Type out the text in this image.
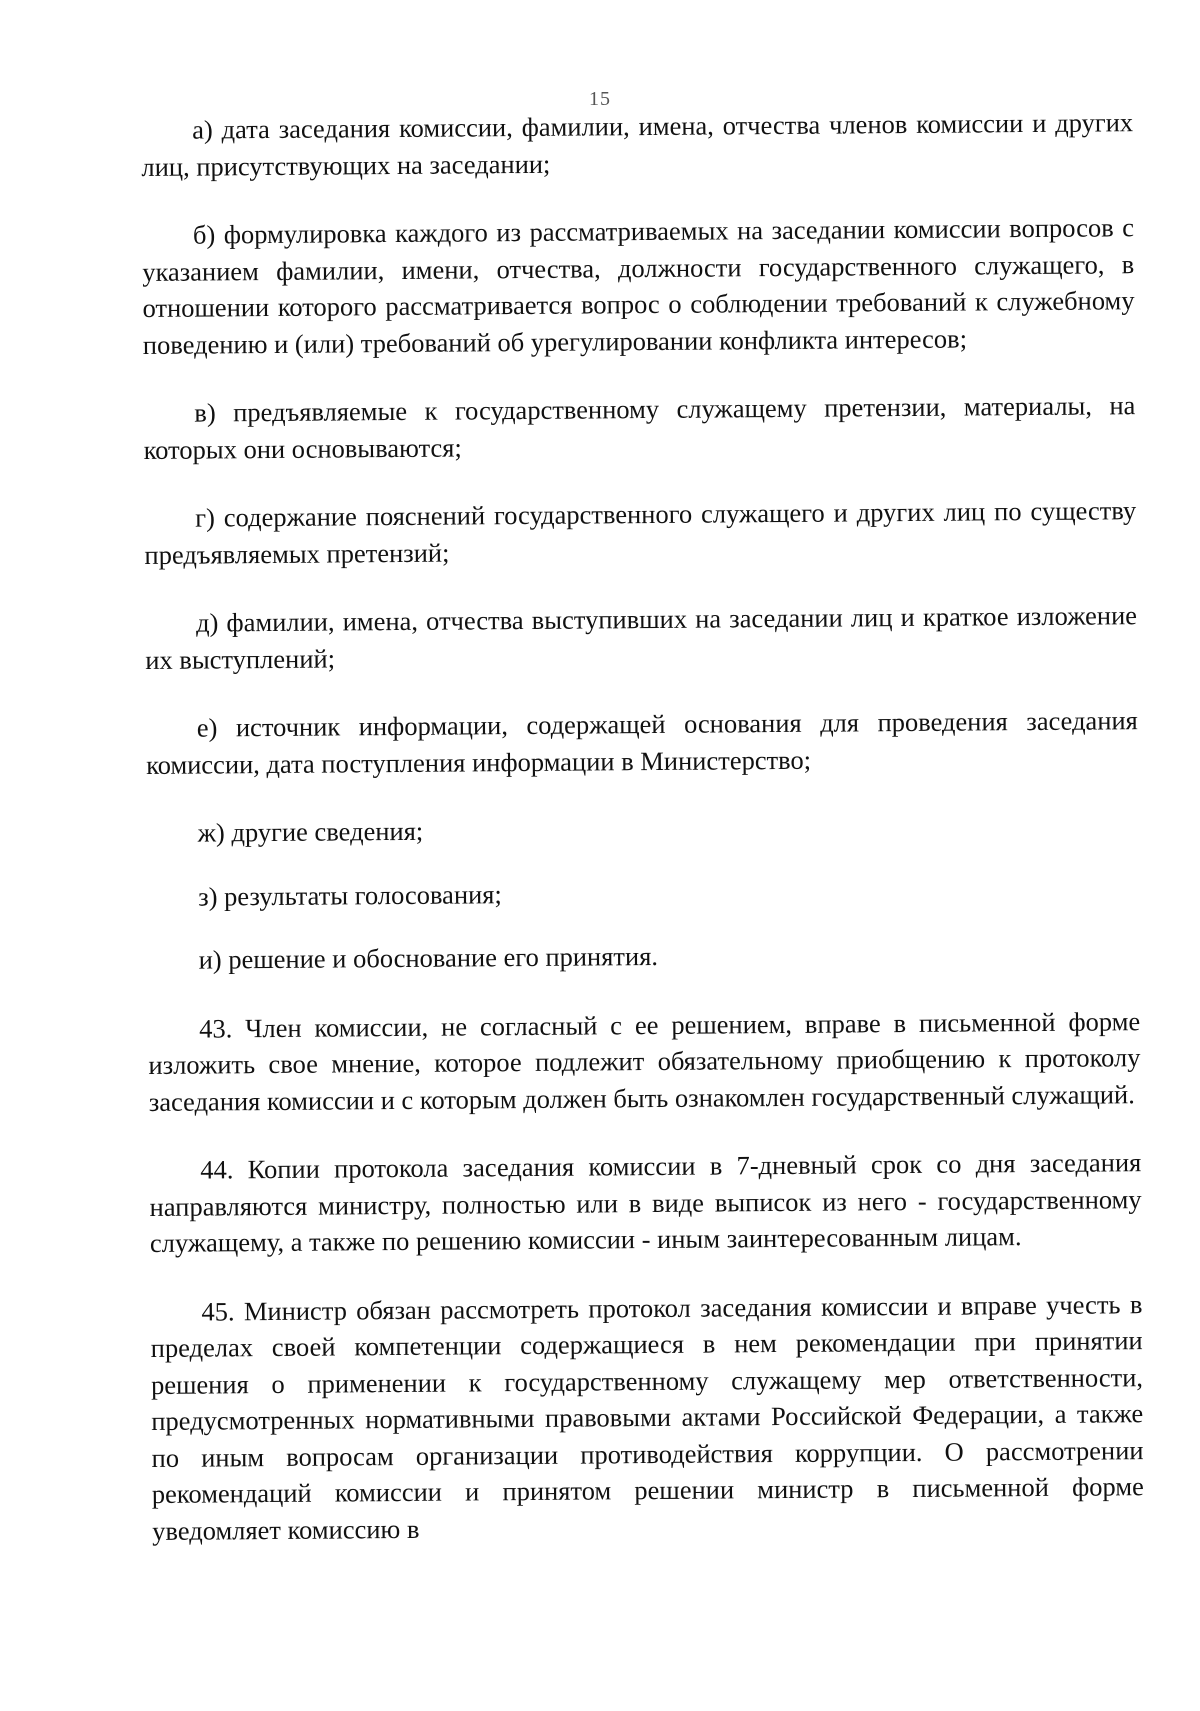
15

а) дата заседания комиссии, фамилии, имена, отчества членов комиссии и других лиц, присутствующих на заседании;

б) формулировка каждого из рассматриваемых на заседании комиссии вопросов с указанием фамилии, имени, отчества, должности государственного служащего, в отношении которого рассматривается вопрос о соблюдении требований к служебному поведению и (или) требований об урегулировании конфликта интересов;

в) предъявляемые к государственному служащему претензии, материалы, на которых они основываются;

г) содержание пояснений государственного служащего и других лиц по существу предъявляемых претензий;

д) фамилии, имена, отчества выступивших на заседании лиц и краткое изложение их выступлений;

е) источник информации, содержащей основания для проведения заседания комиссии, дата поступления информации в Министерство;

ж) другие сведения;

з) результаты голосования;

и) решение и обоснование его принятия.

43. Член комиссии, не согласный с ее решением, вправе в письменной форме изложить свое мнение, которое подлежит обязательному приобщению к протоколу заседания комиссии и с которым должен быть ознакомлен государственный служащий.

44. Копии протокола заседания комиссии в 7-дневный срок со дня заседания направляются министру, полностью или в виде выписок из него - государственному служащему, а также по решению комиссии - иным заинтересованным лицам.

45. Министр обязан рассмотреть протокол заседания комиссии и вправе учесть в пределах своей компетенции содержащиеся в нем рекомендации при принятии решения о применении к государственному служащему мер ответственности, предусмотренных нормативными правовыми актами Российской Федерации, а также по иным вопросам организации противодействия коррупции. О рассмотрении рекомендаций комиссии и принятом решении министр в письменной форме уведомляет комиссию в
